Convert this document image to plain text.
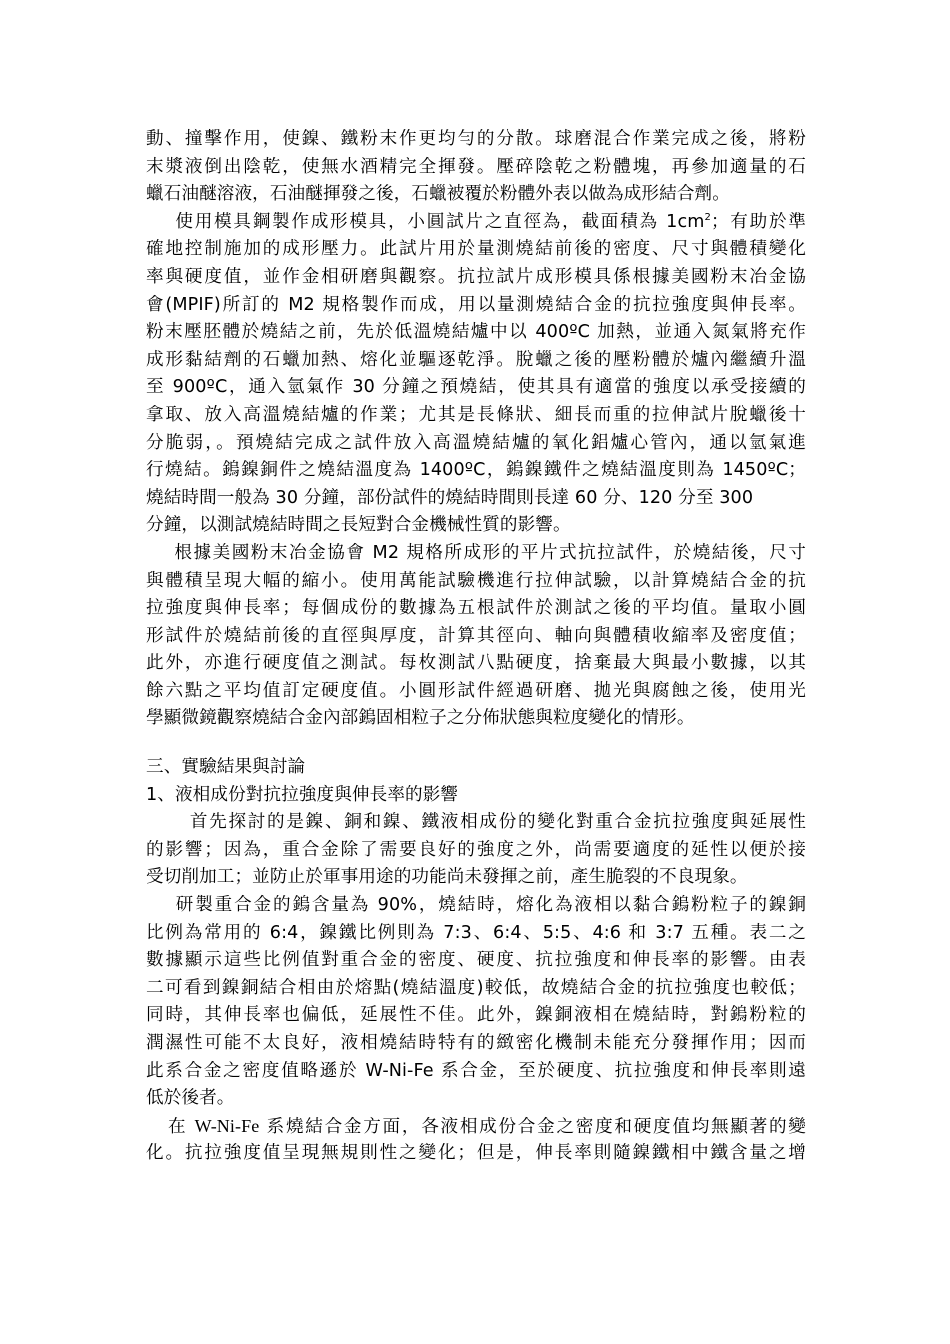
動、撞擊作用，使鎳、鐵粉末作更均勻的分散。球磨混合作業完成之後，將粉
末漿液倒出陰乾，使無水酒精完全揮發。壓碎陰乾之粉體塊，再參加適量的石
蠟石油醚溶液，石油醚揮發之後，石蠟被覆於粉體外表以做為成形結合劑。
使用模具鋼製作成形模具，小圓試片之直徑為，截面積為 $1cm^2$；有助於準
確地控制施加的成形壓力。此試片用於量測燒結前後的密度、尺寸與體積變化
率與硬度值，並作金相研磨與觀察。抗拉試片成形模具係根據美國粉末冶金協
會(MPIF)所訂的 M2 規格製作而成，用以量測燒結合金的抗拉強度與伸長率。
粉末壓胚體於燒結之前，先於低溫燒結爐中以 400ºC 加熱，並通入氮氣將充作
成形黏結劑的石蠟加熱、熔化並驅逐乾淨。脫蠟之後的壓粉體於爐內繼續升溫
至 900ºC，通入氫氣作 30 分鐘之預燒結，使其具有適當的強度以承受接續的
拿取、放入高溫燒結爐的作業；尤其是長條狀、細長而重的拉伸試片脫蠟後十
分脆弱，。預燒結完成之試件放入高溫燒結爐的氧化鋁爐心管內，通以氫氣進
行燒結。鎢鎳銅件之燒結溫度為 1400ºC，鎢鎳鐵件之燒結溫度則為 1450ºC；
燒結時間一般為 30 分鐘，部份試件的燒結時間則長達 60 分、120 分至 300
分鐘，以測試燒結時間之長短對合金機械性質的影響。
根據美國粉末冶金協會 M2 規格所成形的平片式抗拉試件，於燒結後，尺寸
與體積呈現大幅的縮小。使用萬能試驗機進行拉伸試驗，以計算燒結合金的抗
拉強度與伸長率；每個成份的數據為五根試件於測試之後的平均值。量取小圓
形試件於燒結前後的直徑與厚度，計算其徑向、軸向與體積收縮率及密度值；
此外，亦進行硬度值之測試。每枚測試八點硬度，捨棄最大與最小數據，以其
餘六點之平均值訂定硬度值。小圓形試件經過研磨、拋光與腐蝕之後，使用光
學顯微鏡觀察燒結合金內部鎢固相粒子之分佈狀態與粒度變化的情形。
三、實驗結果與討論
1、液相成份對抗拉強度與伸長率的影響
首先探討的是鎳、銅和鎳、鐵液相成份的變化對重合金抗拉強度與延展性
的影響；因為，重合金除了需要良好的強度之外，尚需要適度的延性以便於接
受切削加工；並防止於軍事用途的功能尚未發揮之前，產生脆裂的不良現象。
研製重合金的鎢含量為 90%，燒結時，熔化為液相以黏合鎢粉粒子的鎳銅
比例為常用的 6:4，鎳鐵比例則為 7:3、6:4、5:5、4:6 和 3:7 五種。表二之
數據顯示這些比例值對重合金的密度、硬度、抗拉強度和伸長率的影響。由表
二可看到鎳銅結合相由於熔點(燒結溫度)較低，故燒結合金的抗拉強度也較低；
同時，其伸長率也偏低，延展性不佳。此外，鎳銅液相在燒結時，對鎢粉粒的
潤濕性可能不太良好，液相燒結時特有的緻密化機制未能充分發揮作用；因而
此系合金之密度值略遜於 W-Ni-Fe 系合金，至於硬度、抗拉強度和伸長率則遠
低於後者。
在 W-Ni-Fe 系燒結合金方面，各液相成份合金之密度和硬度值均無顯著的變
化。抗拉強度值呈現無規則性之變化；但是，伸長率則隨鎳鐵相中鐵含量之增
